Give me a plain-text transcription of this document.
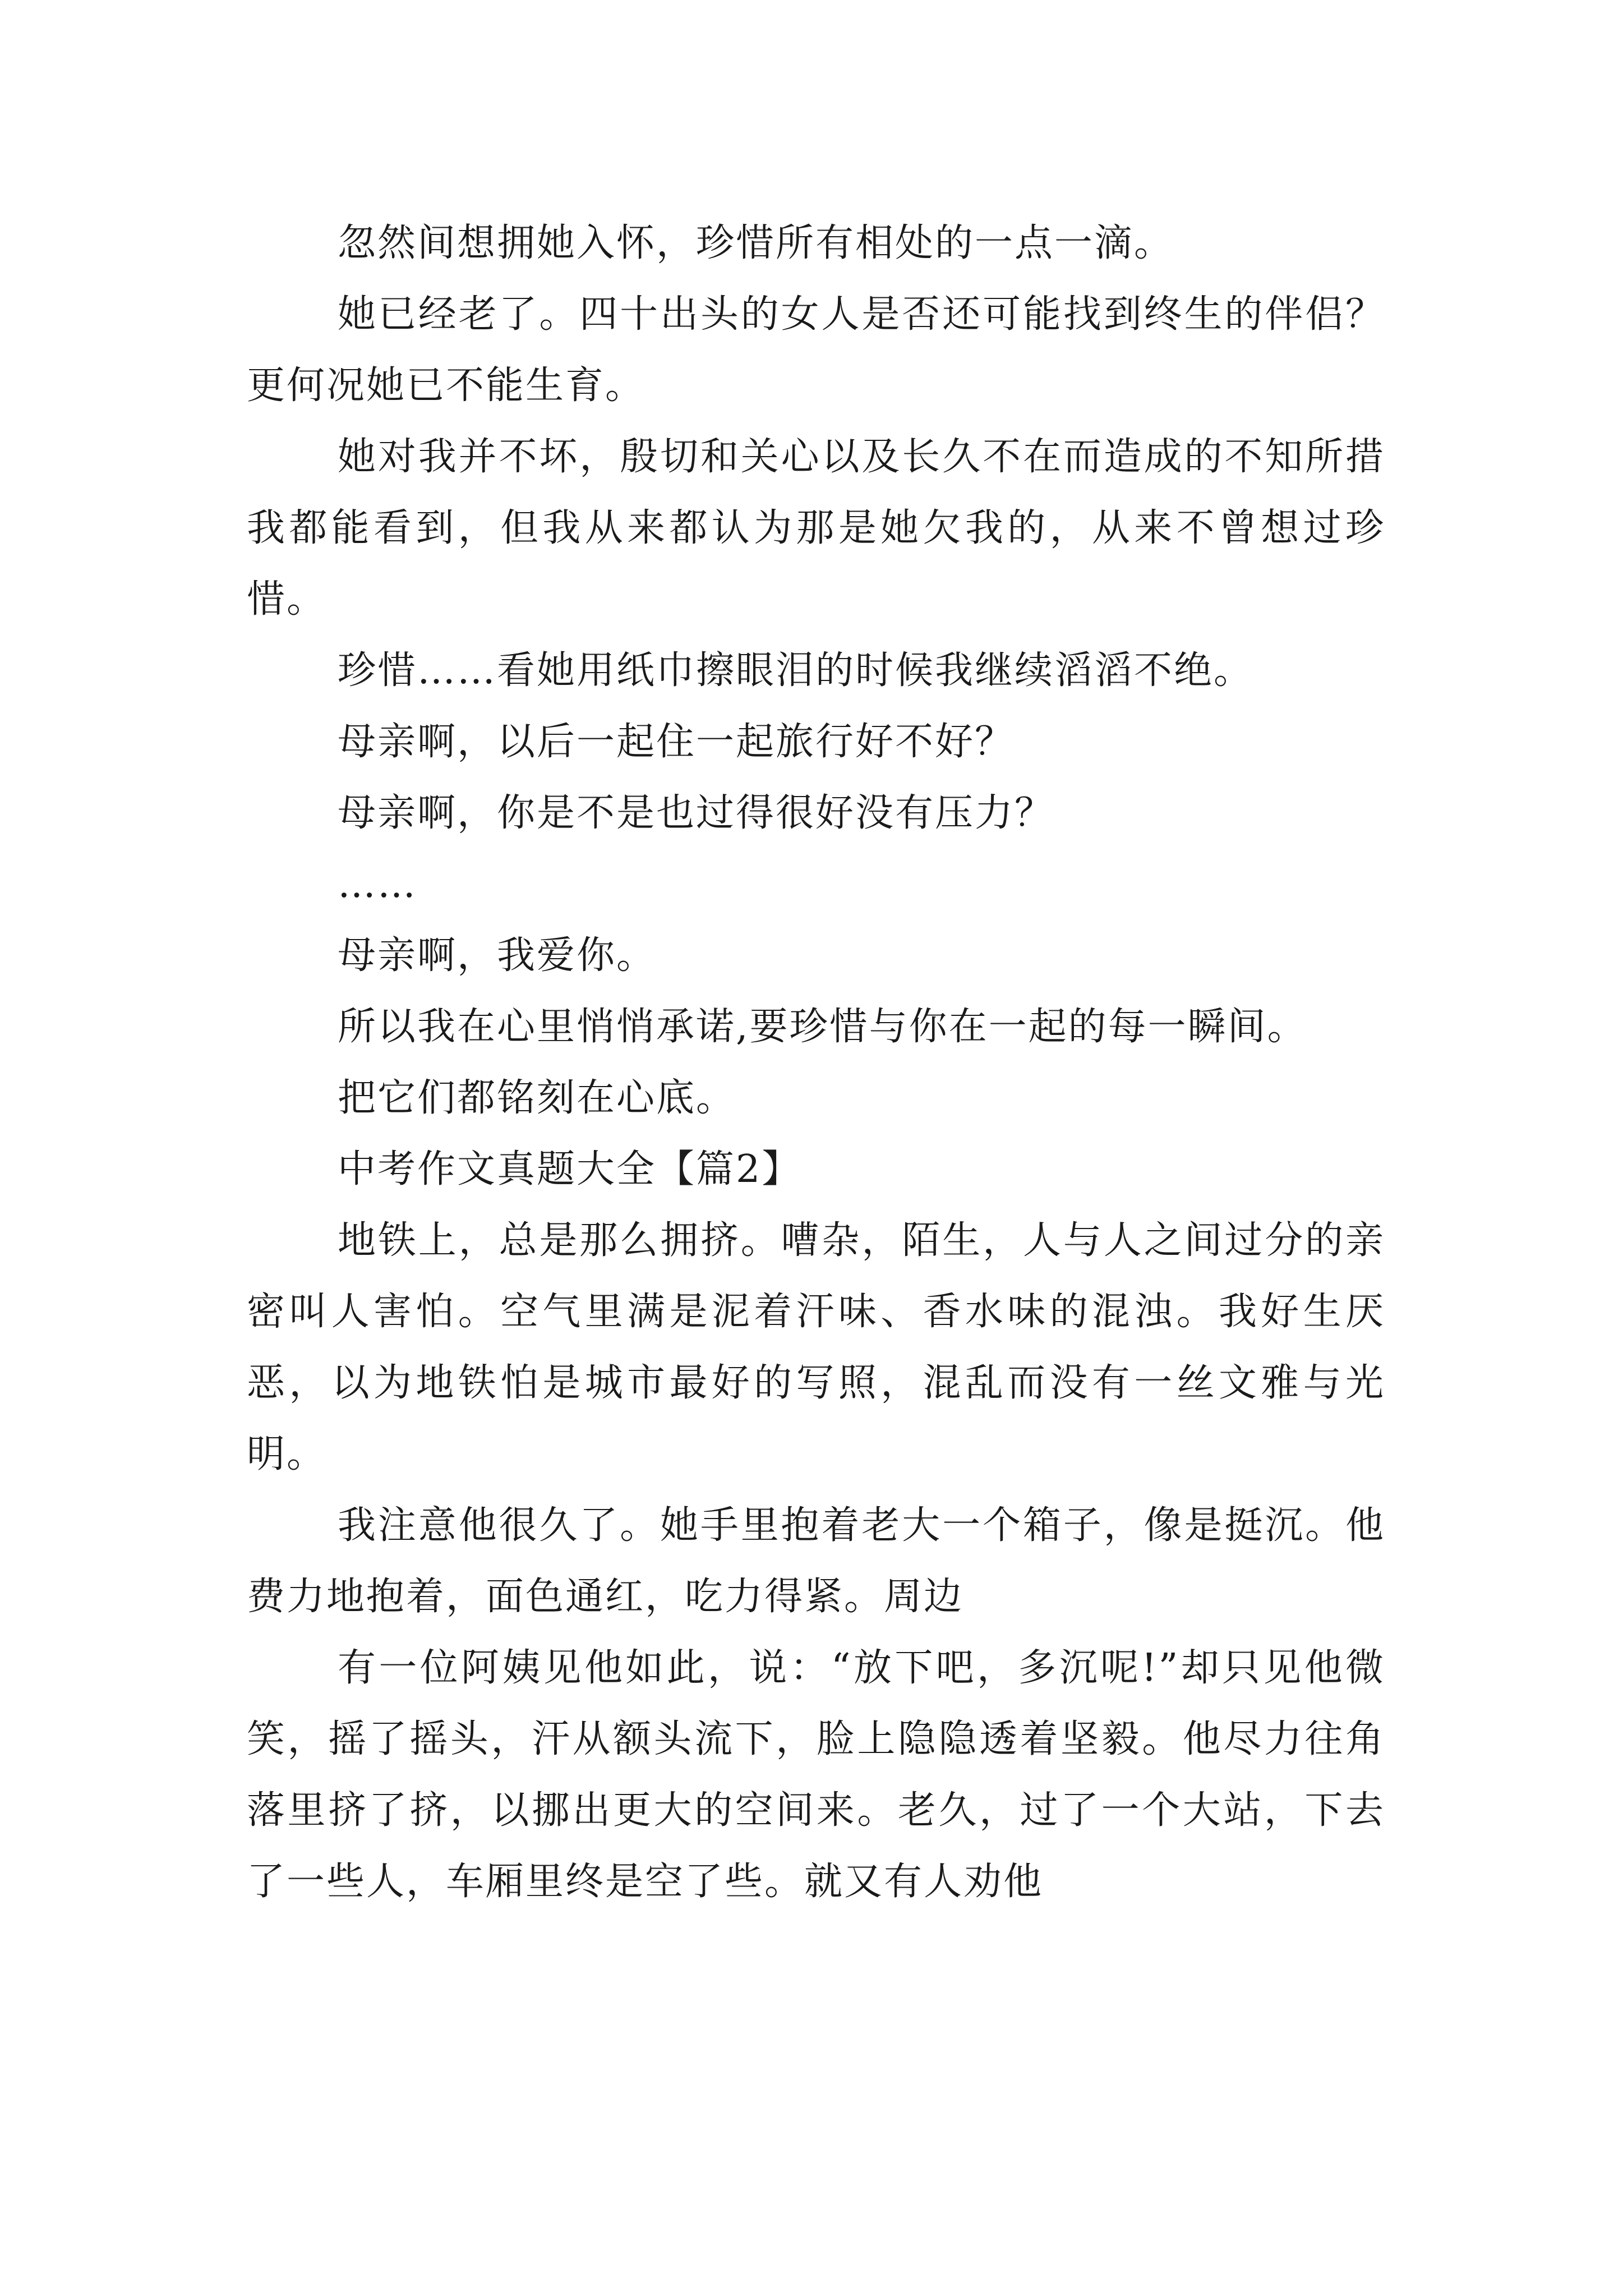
忽然间想拥她入怀，珍惜所有相处的一点一滴。

她已经老了。四十出头的女人是否还可能找到终生的伴侣？更何况她已不能生育。

她对我并不坏，殷切和关心以及长久不在而造成的不知所措我都能看到，但我从来都认为那是她欠我的，从来不曾想过珍惜。

珍惜……看她用纸巾擦眼泪的时候我继续滔滔不绝。

母亲啊，以后一起住一起旅行好不好？

母亲啊，你是不是也过得很好没有压力？

……

母亲啊，我爱你。

所以我在心里悄悄承诺,要珍惜与你在一起的每一瞬间。

把它们都铭刻在心底。

中考作文真题大全【篇2】

地铁上，总是那么拥挤。嘈杂，陌生，人与人之间过分的亲密叫人害怕。空气里满是泥着汗味、香水味的混浊。我好生厌恶，以为地铁怕是城市最好的写照，混乱而没有一丝文雅与光明。

我注意他很久了。她手里抱着老大一个箱子，像是挺沉。他费力地抱着，面色通红，吃力得紧。周边

有一位阿姨见他如此，说：“放下吧，多沉呢!”却只见他微笑，摇了摇头，汗从额头流下，脸上隐隐透着坚毅。他尽力往角落里挤了挤，以挪出更大的空间来。老久，过了一个大站，下去了一些人，车厢里终是空了些。就又有人劝他
